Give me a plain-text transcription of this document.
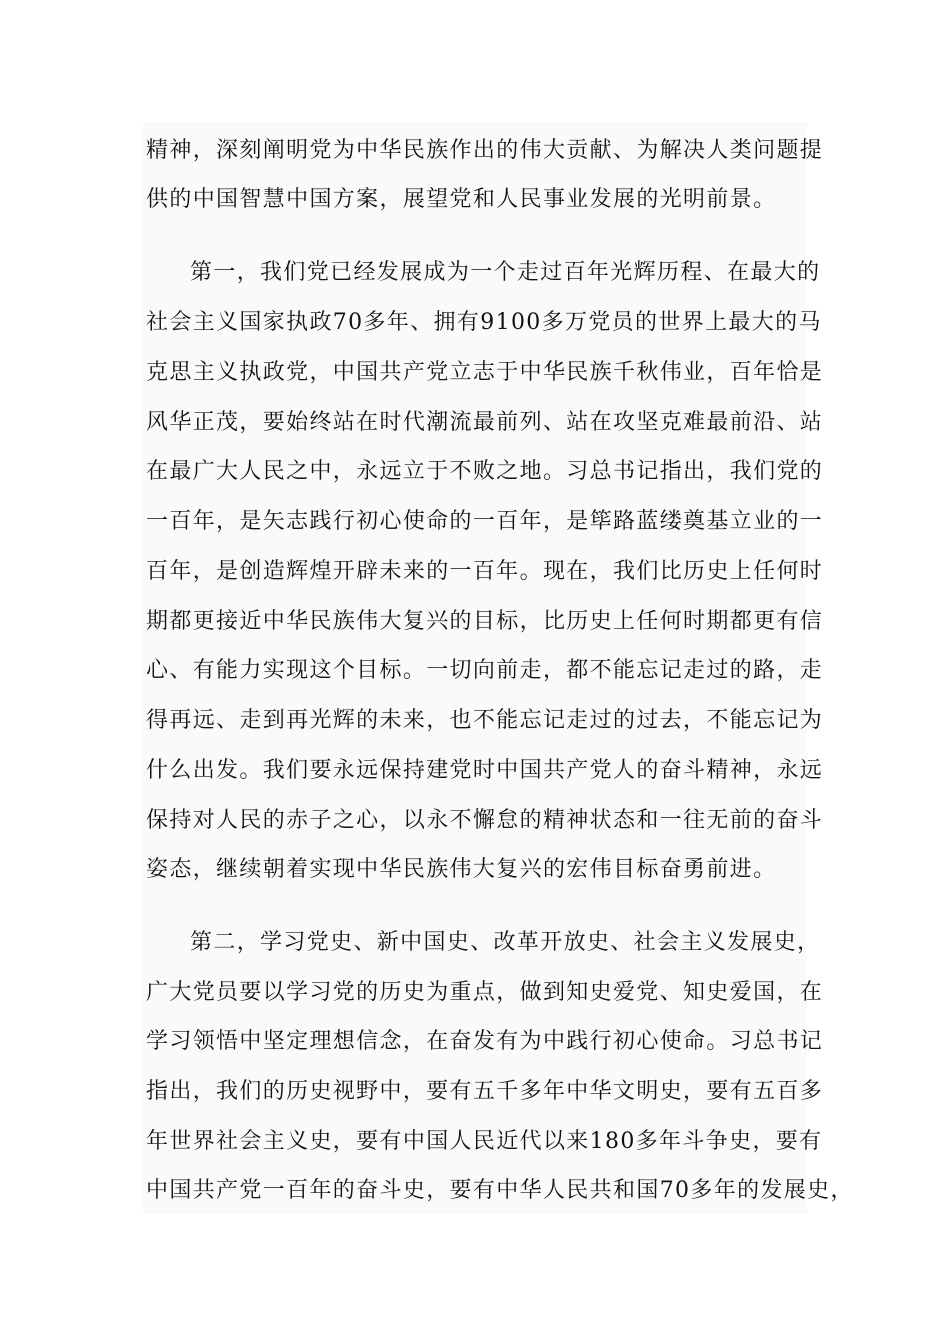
精神，深刻阐明党为中华民族作出的伟大贡献、为解决人类问题提
供的中国智慧中国方案，展望党和人民事业发展的光明前景。
第一，我们党已经发展成为一个走过百年光辉历程、在最大的
社会主义国家执政70多年、拥有9100多万党员的世界上最大的马
克思主义执政党，中国共产党立志于中华民族千秋伟业，百年恰是
风华正茂，要始终站在时代潮流最前列、站在攻坚克难最前沿、站
在最广大人民之中，永远立于不败之地。习总书记指出，我们党的
一百年，是矢志践行初心使命的一百年，是筚路蓝缕奠基立业的一
百年，是创造辉煌开辟未来的一百年。现在，我们比历史上任何时
期都更接近中华民族伟大复兴的目标，比历史上任何时期都更有信
心、有能力实现这个目标。一切向前走，都不能忘记走过的路，走
得再远、走到再光辉的未来，也不能忘记走过的过去，不能忘记为
什么出发。我们要永远保持建党时中国共产党人的奋斗精神，永远
保持对人民的赤子之心，以永不懈怠的精神状态和一往无前的奋斗
姿态，继续朝着实现中华民族伟大复兴的宏伟目标奋勇前进。
第二，学习党史、新中国史、改革开放史、社会主义发展史，
广大党员要以学习党的历史为重点，做到知史爱党、知史爱国，在
学习领悟中坚定理想信念，在奋发有为中践行初心使命。习总书记
指出，我们的历史视野中，要有五千多年中华文明史，要有五百多
年世界社会主义史，要有中国人民近代以来180多年斗争史，要有
中国共产党一百年的奋斗史，要有中华人民共和国70多年的发展史，
